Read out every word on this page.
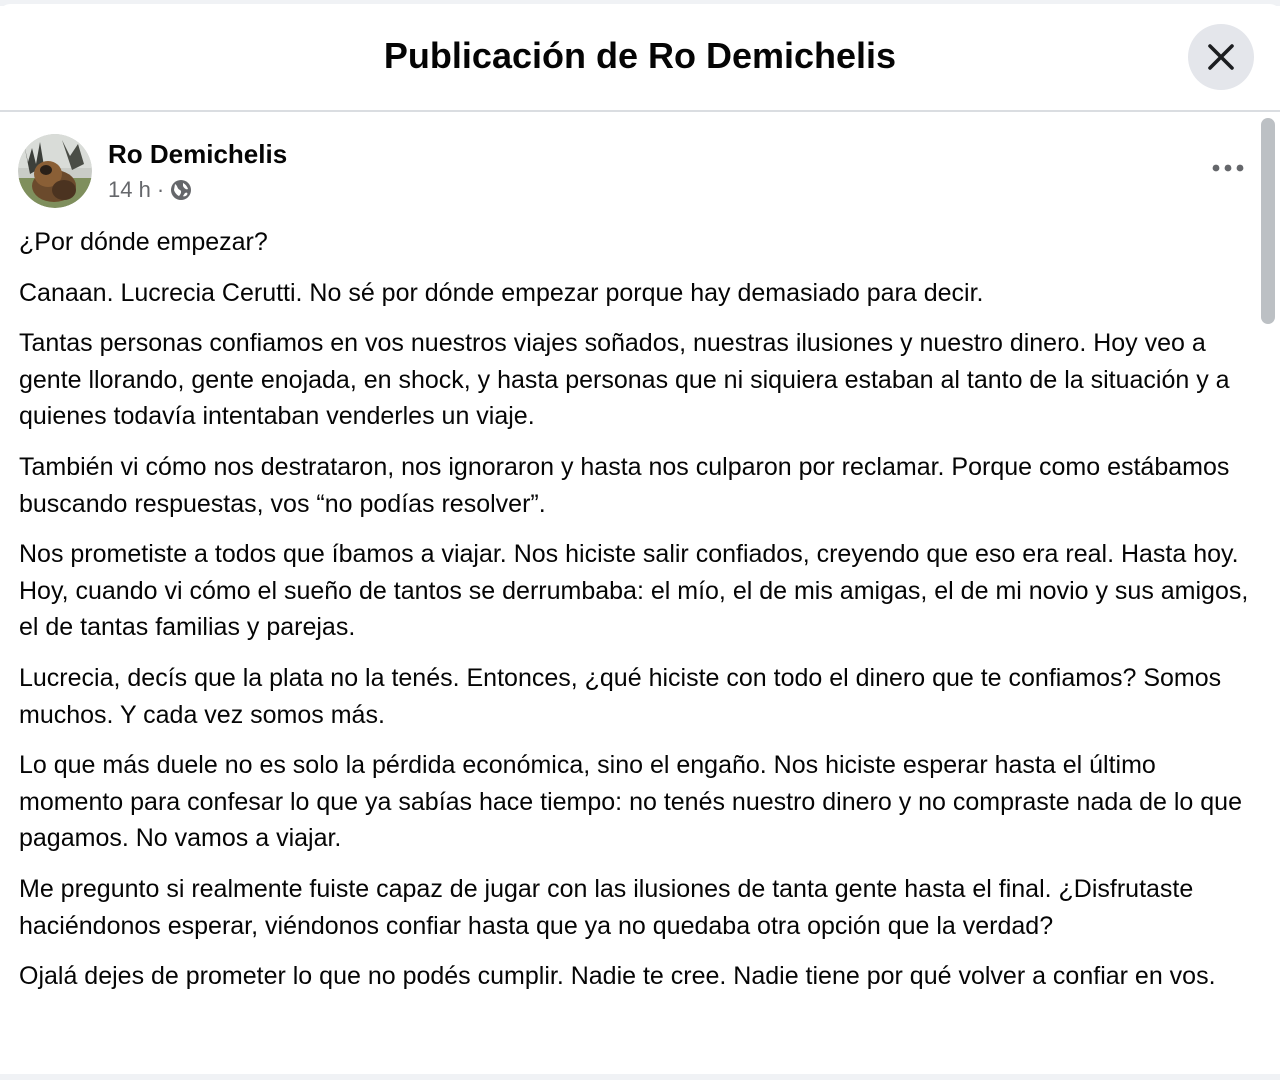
Publicación de Ro Demichelis
Ro Demichelis
14 h ·

¿Por dónde empezar?

Canaan. Lucrecia Cerutti. No sé por dónde empezar porque hay demasiado para decir.

Tantas personas confiamos en vos nuestros viajes soñados, nuestras ilusiones y nuestro dinero. Hoy veo a gente llorando, gente enojada, en shock, y hasta personas que ni siquiera estaban al tanto de la situación y a quienes todavía intentaban venderles un viaje.

También vi cómo nos destrataron, nos ignoraron y hasta nos culparon por reclamar. Porque como estábamos buscando respuestas, vos “no podías resolver”.

Nos prometiste a todos que íbamos a viajar. Nos hiciste salir confiados, creyendo que eso era real. Hasta hoy. Hoy, cuando vi cómo el sueño de tantos se derrumbaba: el mío, el de mis amigas, el de mi novio y sus amigos, el de tantas familias y parejas.

Lucrecia, decís que la plata no la tenés. Entonces, ¿qué hiciste con todo el dinero que te confiamos? Somos muchos. Y cada vez somos más.

Lo que más duele no es solo la pérdida económica, sino el engaño. Nos hiciste esperar hasta el último momento para confesar lo que ya sabías hace tiempo: no tenés nuestro dinero y no compraste nada de lo que pagamos. No vamos a viajar.

Me pregunto si realmente fuiste capaz de jugar con las ilusiones de tanta gente hasta el final. ¿Disfrutaste haciéndonos esperar, viéndonos confiar hasta que ya no quedaba otra opción que la verdad?

Ojalá dejes de prometer lo que no podés cumplir. Nadie te cree. Nadie tiene por qué volver a confiar en vos.
